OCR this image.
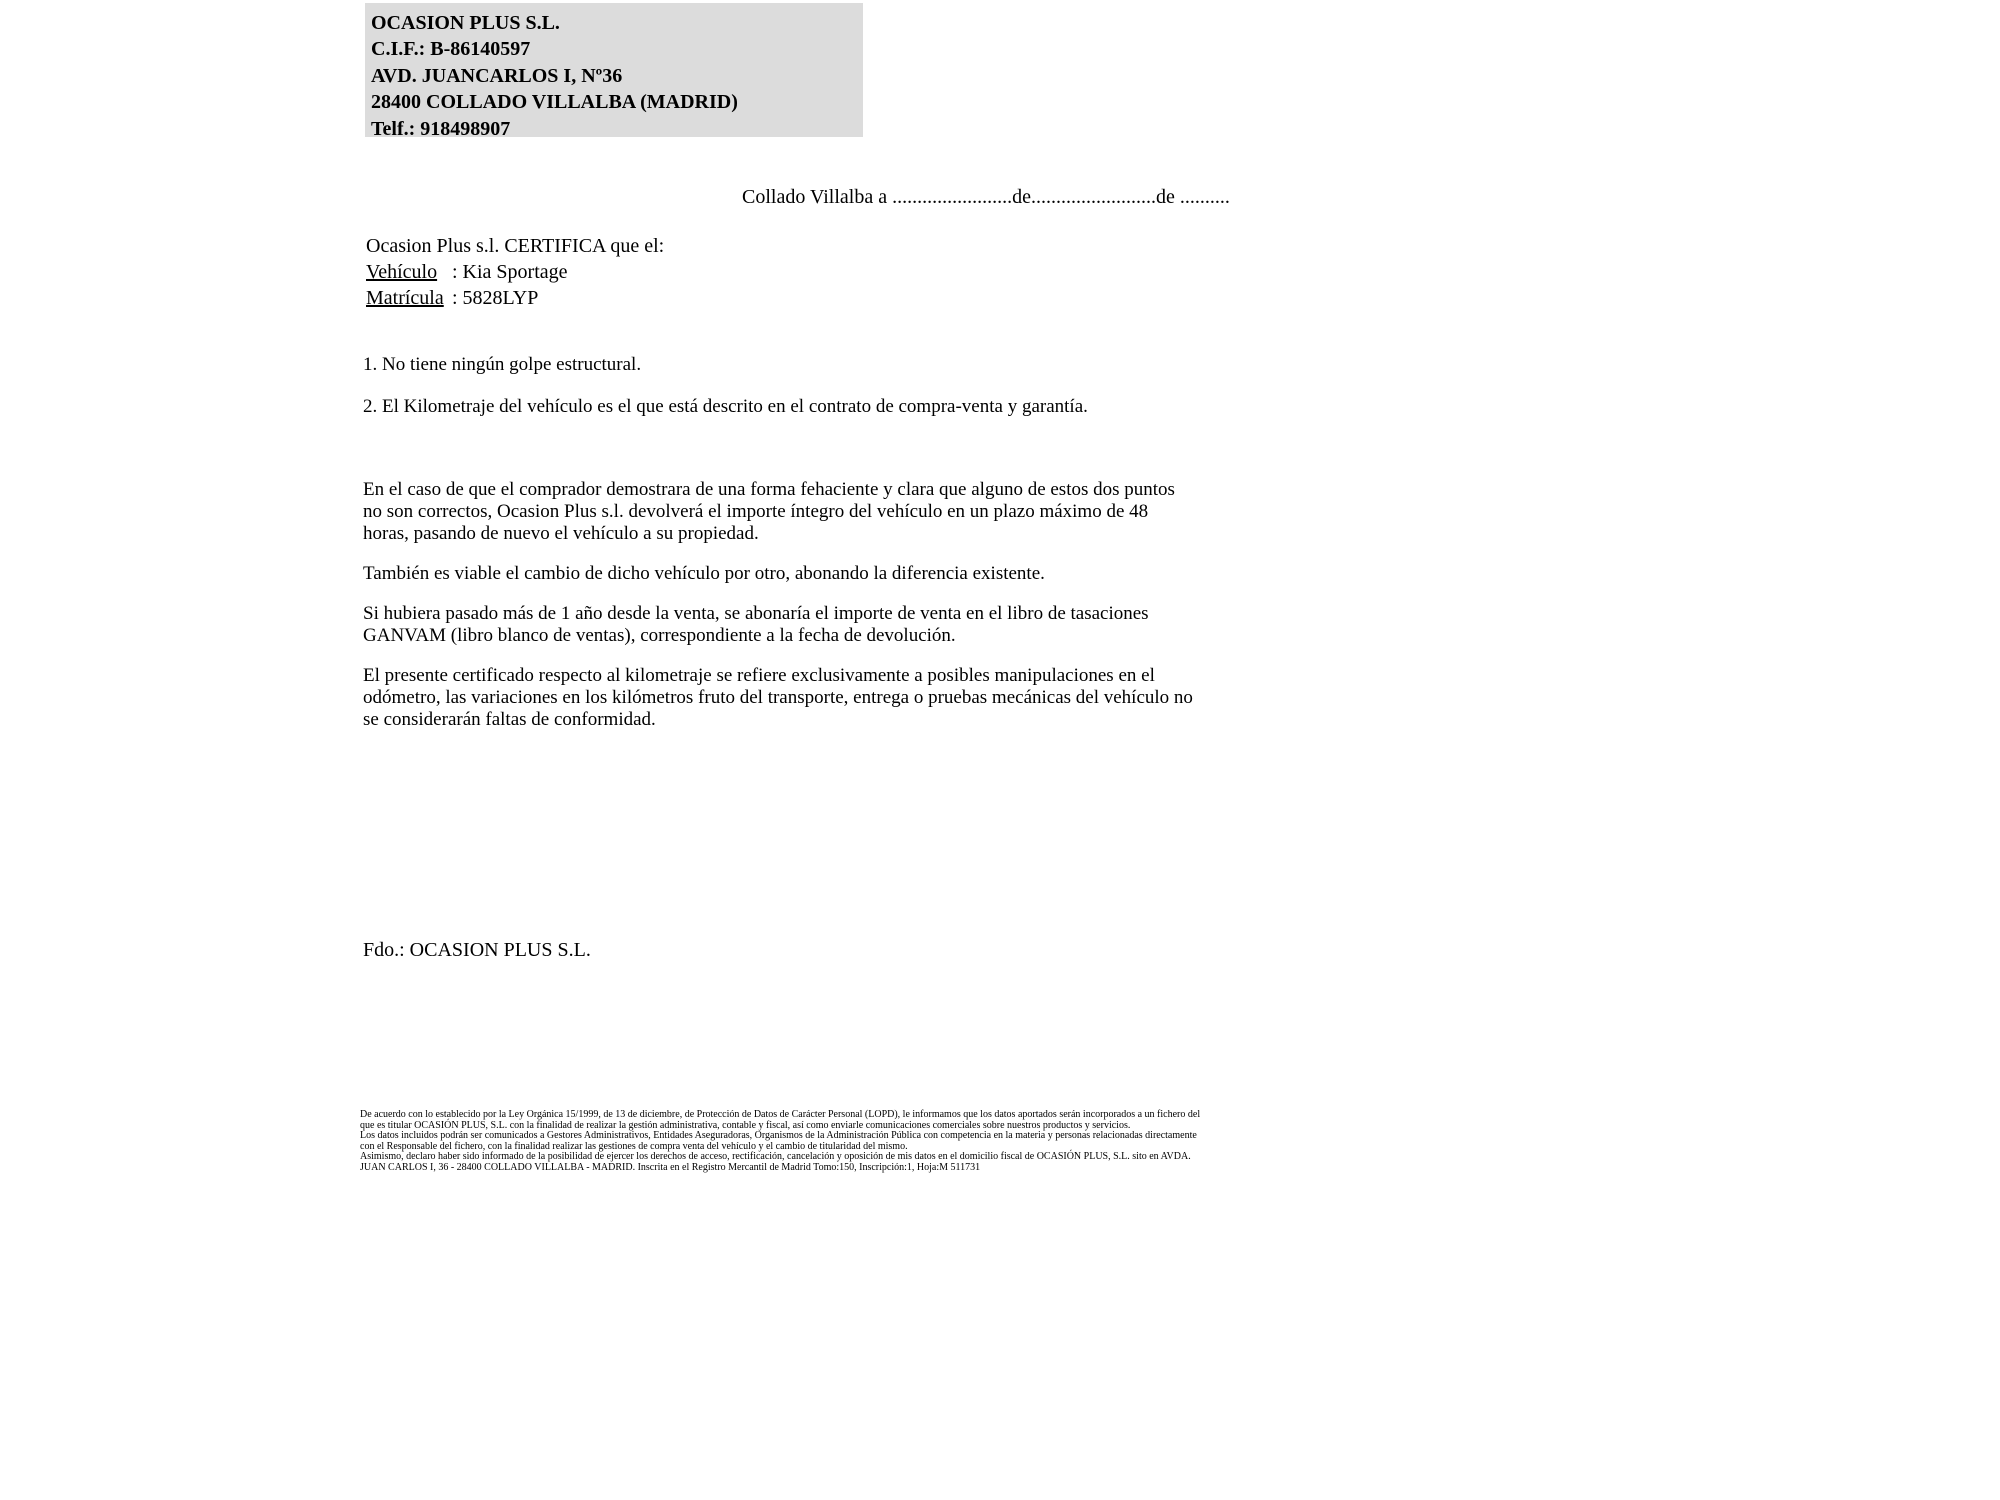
OCASION PLUS S.L.
C.I.F.: B-86140597
AVD. JUANCARLOS I, Nº36
28400 COLLADO VILLALBA (MADRID)
Telf.: 918498907
Collado Villalba a ........................de.........................de ..........
Ocasion Plus s.l. CERTIFICA que el:
Vehículo : Kia Sportage
Matrícula : 5828LYP
1. No tiene ningún golpe estructural.
2. El Kilometraje del vehículo es el que está descrito en el contrato de compra-venta y garantía.

En el caso de que el comprador demostrara de una forma fehaciente y clara que alguno de estos dos puntos no son correctos, Ocasion Plus s.l. devolverá el importe íntegro del vehículo en un plazo máximo de 48 horas, pasando de nuevo el vehículo a su propiedad.

También es viable el cambio de dicho vehículo por otro, abonando la diferencia existente.

Si hubiera pasado más de 1 año desde la venta, se abonaría el importe de venta en el libro de tasaciones GANVAM (libro blanco de ventas), correspondiente a la fecha de devolución.

El presente certificado respecto al kilometraje se refiere exclusivamente a posibles manipulaciones en el odómetro, las variaciones en los kilómetros fruto del transporte, entrega o pruebas mecánicas del vehículo no se considerarán faltas de conformidad.

Fdo.: OCASION PLUS S.L.

De acuerdo con lo establecido por la Ley Orgánica 15/1999, de 13 de diciembre, de Protección de Datos de Carácter Personal (LOPD), le informamos que los datos aportados serán incorporados a un fichero del que es titular OCASIÓN PLUS, S.L. con la finalidad de realizar la gestión administrativa, contable y fiscal, así como enviarle comunicaciones comerciales sobre nuestros productos y servicios.

Los datos incluidos podrán ser comunicados a Gestores Administrativos, Entidades Aseguradoras, Organismos de la Administración Pública con competencia en la materia y personas relacionadas directamente con el Responsable del fichero, con la finalidad realizar las gestiones de compra venta del vehículo y el cambio de titularidad del mismo.

Asimismo, declaro haber sido informado de la posibilidad de ejercer los derechos de acceso, rectificación, cancelación y oposición de mis datos en el domicilio fiscal de OCASIÓN PLUS, S.L. sito en AVDA. JUAN CARLOS I, 36 - 28400 COLLADO VILLALBA - MADRID. Inscrita en el Registro Mercantil de Madrid Tomo:150, Inscripción:1, Hoja:M 511731
